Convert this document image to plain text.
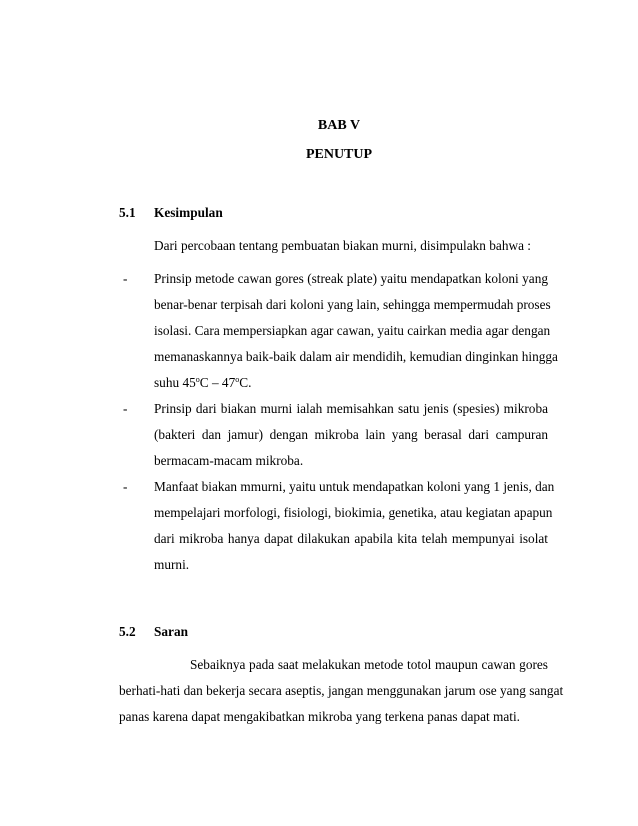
BAB V
PENUTUP
5.1 Kesimpulan
Dari percobaan tentang pembuatan biakan murni, disimpulakn bahwa :
- Prinsip metode cawan gores (streak plate) yaitu mendapatkan koloni yang
benar-benar terpisah dari koloni yang lain, sehingga mempermudah proses
isolasi. Cara mempersiapkan agar cawan, yaitu cairkan media agar dengan
memanaskannya baik-baik dalam air mendidih, kemudian dinginkan hingga
suhu 45$^o$C – 47$^o$C.
- Prinsip dari biakan murni ialah memisahkan satu jenis (spesies) mikroba
(bakteri dan jamur) dengan mikroba lain yang berasal dari campuran
bermacam-macam mikroba.
- Manfaat biakan mmurni, yaitu untuk mendapatkan koloni yang 1 jenis, dan
mempelajari morfologi, fisiologi, biokimia, genetika, atau kegiatan apapun
dari mikroba hanya dapat dilakukan apabila kita telah mempunyai isolat
murni.
5.2 Saran
Sebaiknya pada saat melakukan metode totol maupun cawan gores
berhati-hati dan bekerja secara aseptis, jangan menggunakan jarum ose yang sangat
panas karena dapat mengakibatkan mikroba yang terkena panas dapat mati.
